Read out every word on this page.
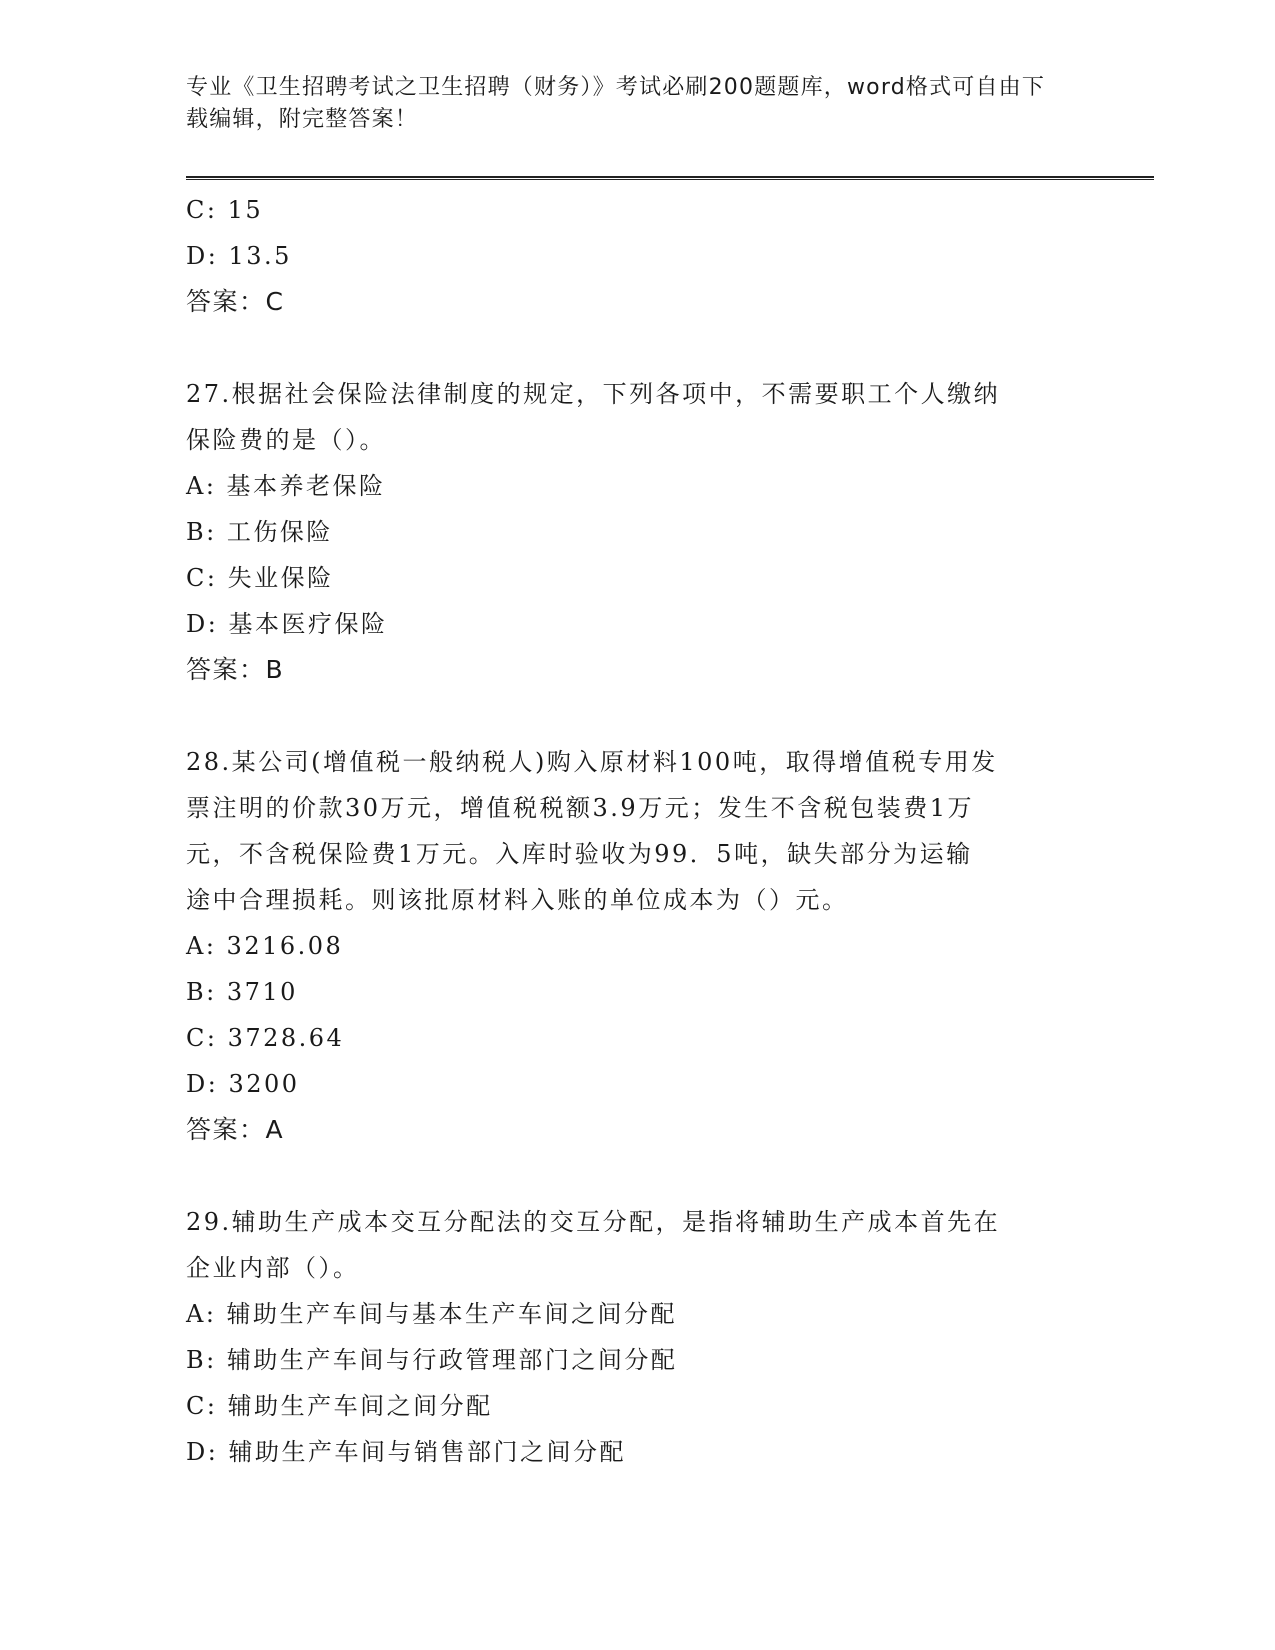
专业《卫生招聘考试之卫生招聘（财务）》考试必刷200题题库，word格式可自由下载编辑，附完整答案！
C: 15
D: 13.5
答案：C
27.根据社会保险法律制度的规定，下列各项中，不需要职工个人缴纳
保险费的是（）。
A: 基本养老保险
B: 工伤保险
C: 失业保险
D: 基本医疗保险
答案：B
28.某公司(增值税一般纳税人)购入原材料100吨，取得增值税专用发
票注明的价款30万元，增值税税额3.9万元；发生不含税包装费1万
元，不含税保险费1万元。入库时验收为99．5吨，缺失部分为运输
途中合理损耗。则该批原材料入账的单位成本为（）元。
A: 3216.08
B: 3710
C: 3728.64
D: 3200
答案：A
29.辅助生产成本交互分配法的交互分配，是指将辅助生产成本首先在
企业内部（）。
A: 辅助生产车间与基本生产车间之间分配
B: 辅助生产车间与行政管理部门之间分配
C: 辅助生产车间之间分配
D: 辅助生产车间与销售部门之间分配
